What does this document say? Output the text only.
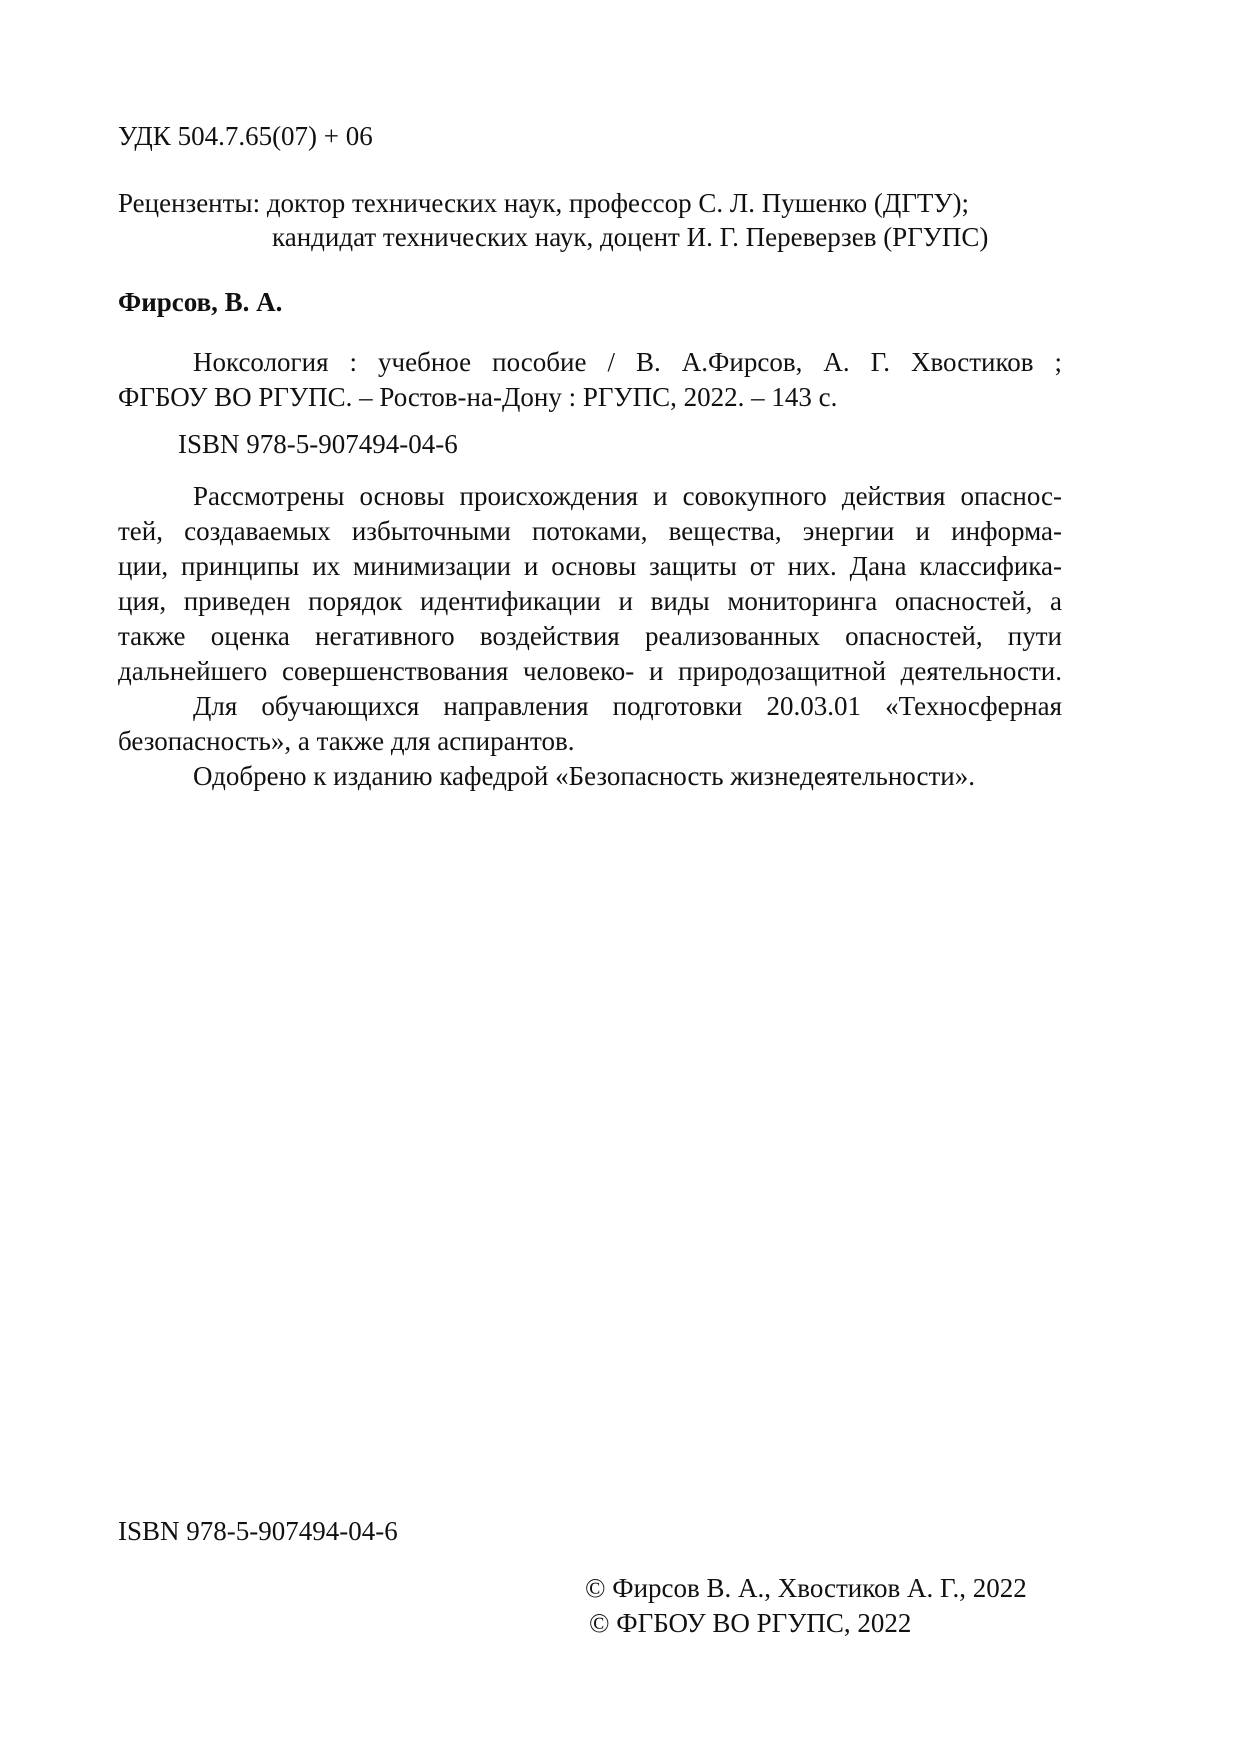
УДК 504.7.65(07) + 06
Рецензенты: доктор технических наук, профессор С. Л. Пушенко (ДГТУ);
кандидат технических наук, доцент И. Г. Переверзев (РГУПС)
Фирсов, В. А.
Ноксология : учебное пособие / В. А.Фирсов, А. Г. Хвостиков ;
ФГБОУ ВО РГУПС. – Ростов-на-Дону : РГУПС, 2022. – 143 с.
ISBN 978-5-907494-04-6
Рассмотрены основы происхождения и совокупного действия опаснос-
тей, создаваемых избыточными потоками, вещества, энергии и информа-
ции, принципы их минимизации и основы защиты от них. Дана классифика-
ция, приведен порядок идентификации и виды мониторинга опасностей, а
также оценка негативного воздействия реализованных опасностей, пути
дальнейшего совершенствования человеко- и природозащитной деятельности.
Для обучающихся направления подготовки 20.03.01 «Техносферная
безопасность», а также для аспирантов.
Одобрено к изданию кафедрой «Безопасность жизнедеятельности».
ISBN 978-5-907494-04-6
© Фирсов В. А., Хвостиков А. Г., 2022
© ФГБОУ ВО РГУПС, 2022
